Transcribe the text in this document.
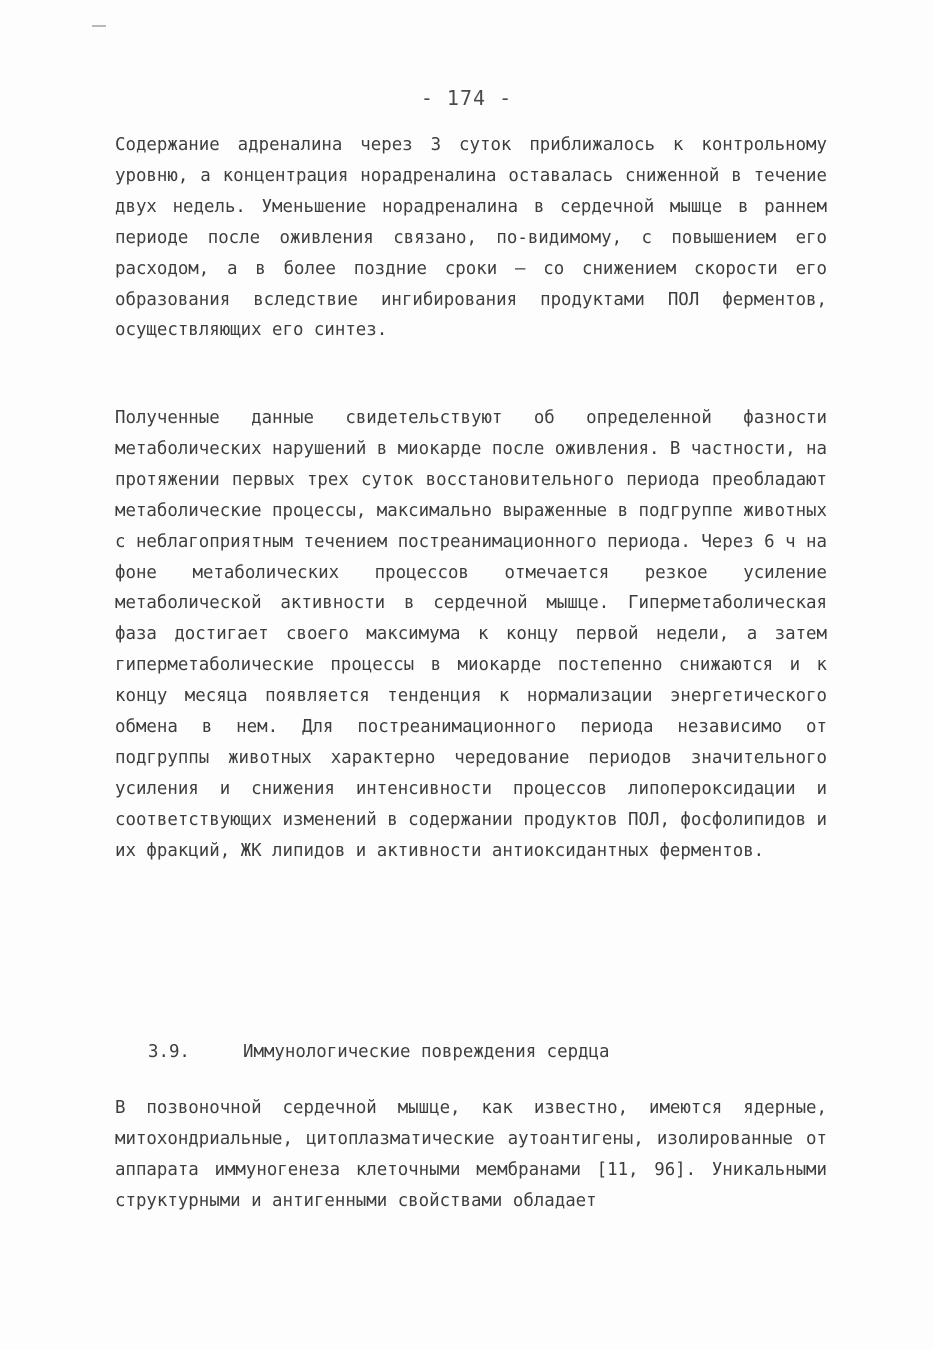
- 174 -

Содержание адреналина через 3 суток приближалось к контрольному уровню, а концентрация норадреналина оставалась сниженной в течение двух недель. Уменьшение норадреналина в сердечной мышце в раннем периоде после оживления связано, по-видимому, с повышением его расходом, а в более поздние сроки – со снижением скорости его образования вследствие ингибирования продуктами ПОЛ ферментов, осуществляющих его синтез.

Полученные данные свидетельствуют об определенной фазности метаболических нарушений в миокарде после оживления. В частности, на протяжении первых трех суток восстановительного периода преобладают метаболические процессы, максимально выраженные в подгруппе животных с неблагоприятным течением постреанимационного периода. Через 6 ч на фоне метаболических процессов отмечается резкое усиление метаболической активности в сердечной мышце. Гиперметаболическая фаза достигает своего максимума к концу первой недели, а затем гиперметаболические процессы в миокарде постепенно снижаются и к концу месяца появляется тенденция к нормализации энергетического обмена в нем. Для постреанимационного периода независимо от подгруппы животных характерно чередование периодов значительного усиления и снижения интенсивности процессов липопероксидации и соответствующих изменений в содержании продуктов ПОЛ, фосфолипидов и их фракций, ЖК липидов и активности антиоксидантных ферментов.

3.9.	Иммунологические повреждения сердца

В позвоночной сердечной мышце, как известно, имеются ядерные, митохондриальные, цитоплазматические аутоантигены, изолированные от аппарата иммуногенеза клеточными мембранами [11, 96]. Уникальными структурными и антигенными свойствами обладает
